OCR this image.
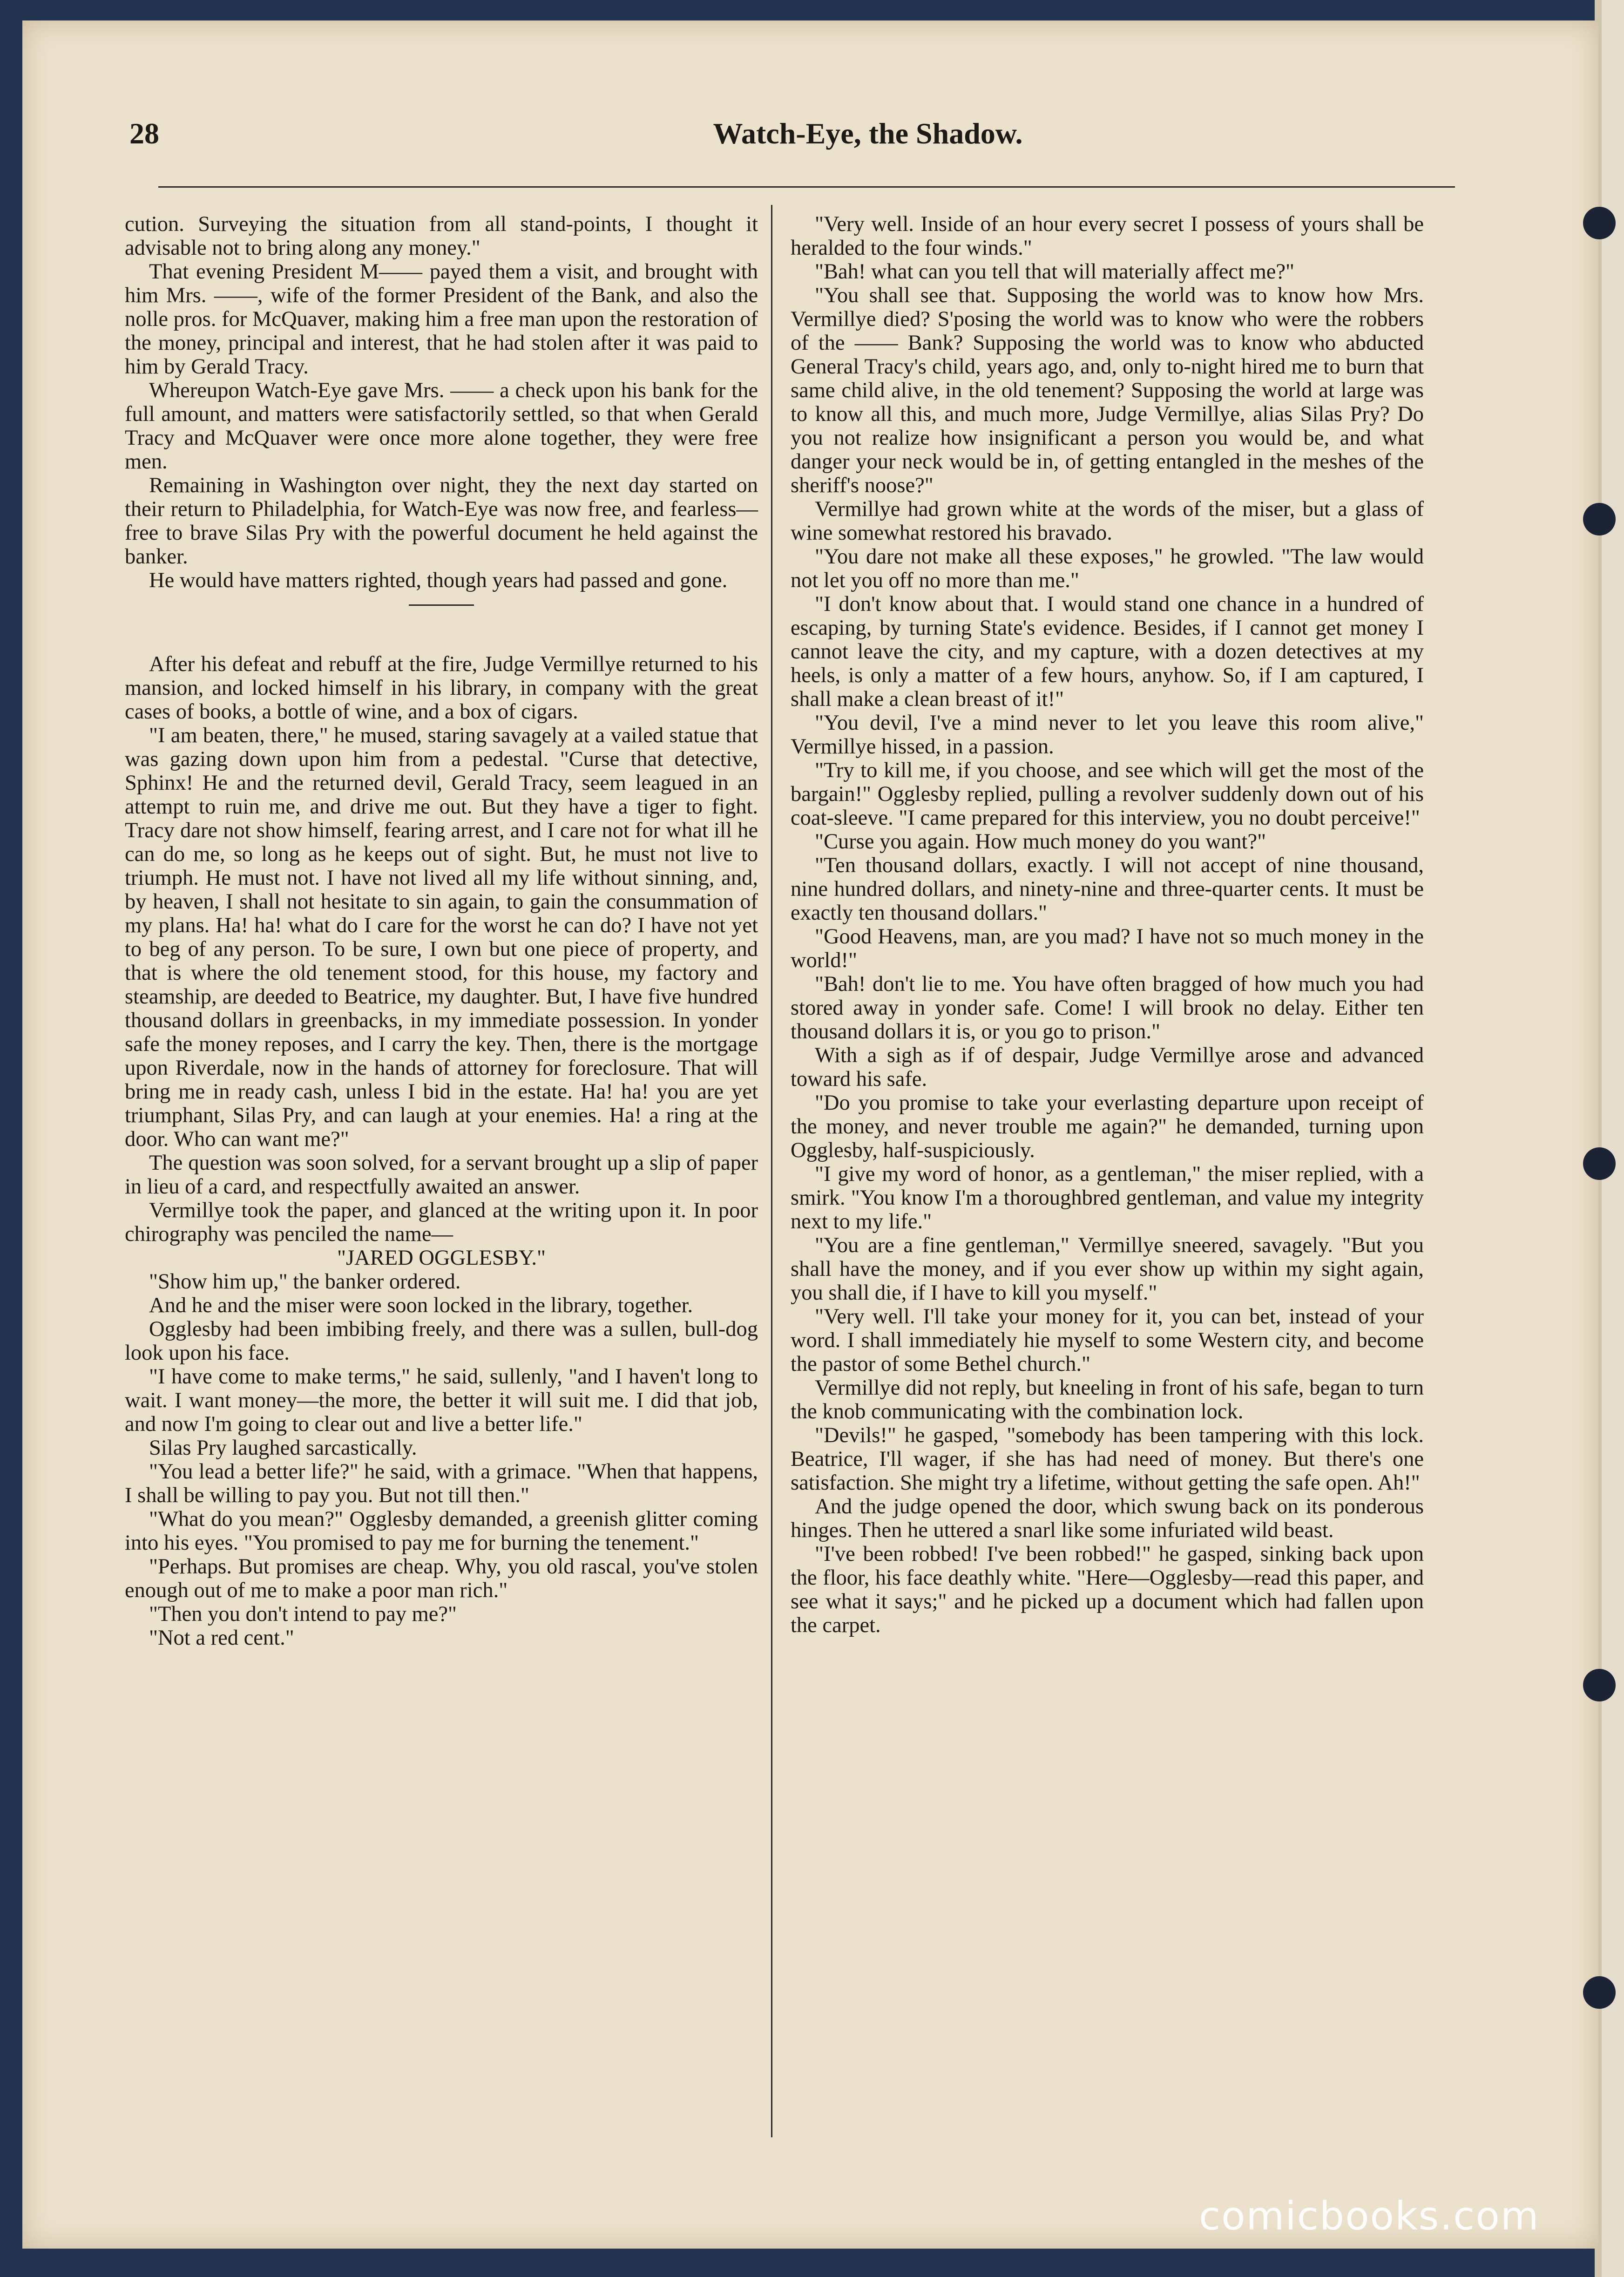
28	Watch-Eye, the Shadow.

cution. Surveying the situation from all stand-points, I thought it advisable not to bring along any money."

That evening President M—— payed them a visit, and brought with him Mrs. ——, wife of the former President of the Bank, and also the nolle pros. for McQuaver, making him a free man upon the restoration of the money, principal and interest, that he had stolen after it was paid to him by Gerald Tracy.

Whereupon Watch-Eye gave Mrs. —— a check upon his bank for the full amount, and matters were satisfactorily settled, so that when Gerald Tracy and McQuaver were once more alone together, they were free men.

Remaining in Washington over night, they the next day started on their return to Philadelphia, for Watch-Eye was now free, and fearless—free to brave Silas Pry with the powerful document he held against the banker.

He would have matters righted, though years had passed and gone.

After his defeat and rebuff at the fire, Judge Vermillye returned to his mansion, and locked himself in his library, in company with the great cases of books, a bottle of wine, and a box of cigars.

"I am beaten, there," he mused, staring savagely at a vailed statue that was gazing down upon him from a pedestal. "Curse that detective, Sphinx! He and the returned devil, Gerald Tracy, seem leagued in an attempt to ruin me, and drive me out. But they have a tiger to fight. Tracy dare not show himself, fearing arrest, and I care not for what ill he can do me, so long as he keeps out of sight. But, he must not live to triumph. He must not. I have not lived all my life without sinning, and, by heaven, I shall not hesitate to sin again, to gain the consummation of my plans. Ha! ha! what do I care for the worst he can do? I have not yet to beg of any person. To be sure, I own but one piece of property, and that is where the old tenement stood, for this house, my factory and steamship, are deeded to Beatrice, my daughter. But, I have five hundred thousand dollars in greenbacks, in my immediate possession. In yonder safe the money reposes, and I carry the key. Then, there is the mortgage upon Riverdale, now in the hands of attorney for foreclosure. That will bring me in ready cash, unless I bid in the estate. Ha! ha! you are yet triumphant, Silas Pry, and can laugh at your enemies. Ha! a ring at the door. Who can want me?"

The question was soon solved, for a servant brought up a slip of paper in lieu of a card, and respectfully awaited an answer.

Vermillye took the paper, and glanced at the writing upon it. In poor chirography was penciled the name—

"JARED OGGLESBY."

"Show him up," the banker ordered.

And he and the miser were soon locked in the library, together.

Ogglesby had been imbibing freely, and there was a sullen, bull-dog look upon his face.

"I have come to make terms," he said, sullenly, "and I haven't long to wait. I want money—the more, the better it will suit me. I did that job, and now I'm going to clear out and live a better life."

Silas Pry laughed sarcastically.

"You lead a better life?" he said, with a grimace. "When that happens, I shall be willing to pay you. But not till then."

"What do you mean?" Ogglesby demanded, a greenish glitter coming into his eyes. "You promised to pay me for burning the tenement."

"Perhaps. But promises are cheap. Why, you old rascal, you've stolen enough out of me to make a poor man rich."

"Then you don't intend to pay me?"

"Not a red cent."

"Very well. Inside of an hour every secret I possess of yours shall be heralded to the four winds."

"Bah! what can you tell that will materially affect me?"

"You shall see that. Supposing the world was to know how Mrs. Vermillye died? S'posing the world was to know who were the robbers of the —— Bank? Supposing the world was to know who abducted General Tracy's child, years ago, and, only to-night hired me to burn that same child alive, in the old tenement? Supposing the world at large was to know all this, and much more, Judge Vermillye, alias Silas Pry? Do you not realize how insignificant a person you would be, and what danger your neck would be in, of getting entangled in the meshes of the sheriff's noose?"

Vermillye had grown white at the words of the miser, but a glass of wine somewhat restored his bravado.

"You dare not make all these exposes," he growled. "The law would not let you off no more than me."

"I don't know about that. I would stand one chance in a hundred of escaping, by turning State's evidence. Besides, if I cannot get money I cannot leave the city, and my capture, with a dozen detectives at my heels, is only a matter of a few hours, anyhow. So, if I am captured, I shall make a clean breast of it!"

"You devil, I've a mind never to let you leave this room alive," Vermillye hissed, in a passion.

"Try to kill me, if you choose, and see which will get the most of the bargain!" Ogglesby replied, pulling a revolver suddenly down out of his coat-sleeve. "I came prepared for this interview, you no doubt perceive!"

"Curse you again. How much money do you want?"

"Ten thousand dollars, exactly. I will not accept of nine thousand, nine hundred dollars, and ninety-nine and three-quarter cents. It must be exactly ten thousand dollars."

"Good Heavens, man, are you mad? I have not so much money in the world!"

"Bah! don't lie to me. You have often bragged of how much you had stored away in yonder safe. Come! I will brook no delay. Either ten thousand dollars it is, or you go to prison."

With a sigh as if of despair, Judge Vermillye arose and advanced toward his safe.

"Do you promise to take your everlasting departure upon receipt of the money, and never trouble me again?" he demanded, turning upon Ogglesby, half-suspiciously.

"I give my word of honor, as a gentleman," the miser replied, with a smirk. "You know I'm a thoroughbred gentleman, and value my integrity next to my life."

"You are a fine gentleman," Vermillye sneered, savagely. "But you shall have the money, and if you ever show up within my sight again, you shall die, if I have to kill you myself."

"Very well. I'll take your money for it, you can bet, instead of your word. I shall immediately hie myself to some Western city, and become the pastor of some Bethel church."

Vermillye did not reply, but kneeling in front of his safe, began to turn the knob communicating with the combination lock.

"Devils!" he gasped, "somebody has been tampering with this lock. Beatrice, I'll wager, if she has had need of money. But there's one satisfaction. She might try a lifetime, without getting the safe open. Ah!"

And the judge opened the door, which swung back on its ponderous hinges. Then he uttered a snarl like some infuriated wild beast.

"I've been robbed! I've been robbed!" he gasped, sinking back upon the floor, his face deathly white. "Here—Ogglesby—read this paper, and see what it says;" and he picked up a document which had fallen upon the carpet.

comicbooks.com
